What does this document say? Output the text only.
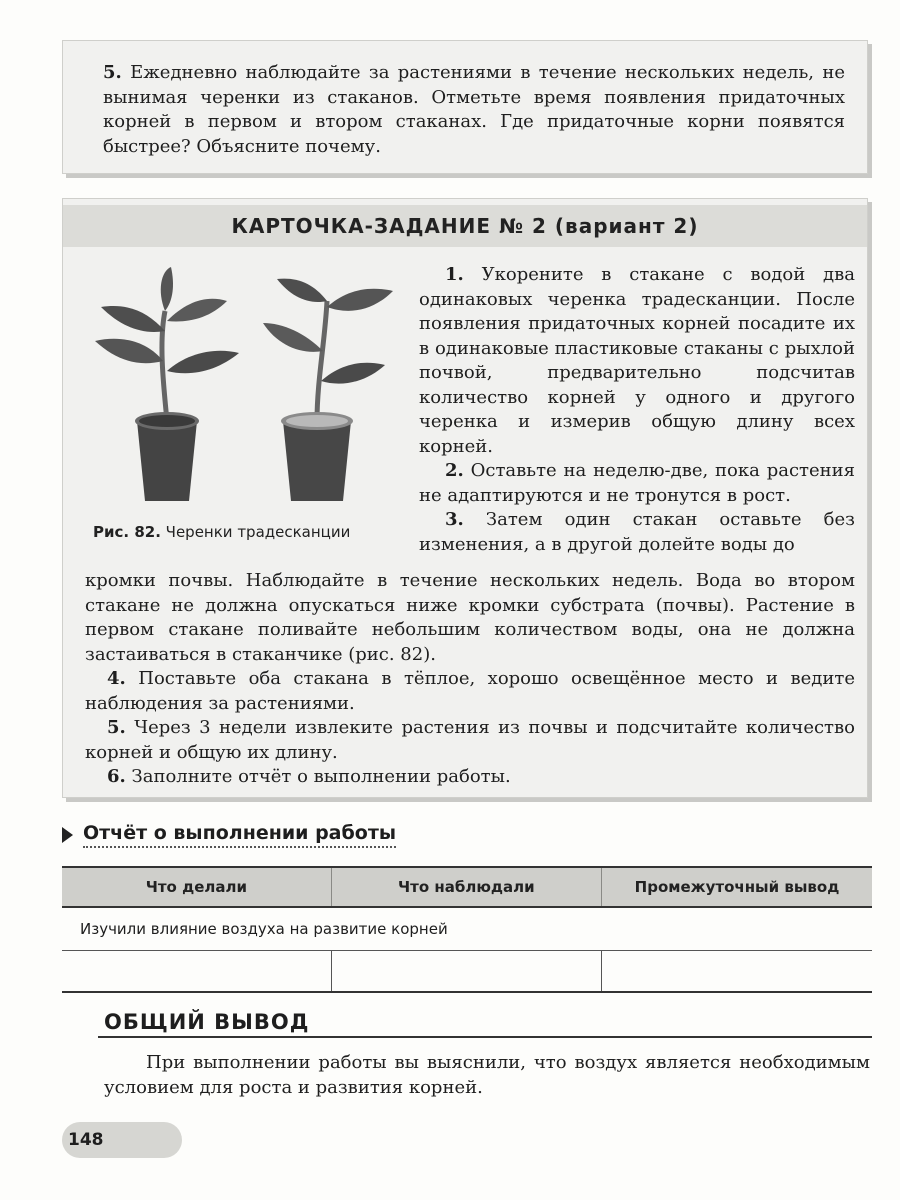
5. Ежедневно наблюдайте за растениями в течение нескольких недель, не вынимая черенки из стаканов. Отметьте время появления придаточных корней в первом и втором стаканах. Где придаточные корни появятся быстрее? Объясните почему.

КАРТОЧКА-ЗАДАНИЕ № 2 (вариант 2)
Рис. 82. Черенки традесканции

1. Укорените в стакане с водой два одинаковых черенка традесканции. После появления придаточных корней посадите их в одинаковые пластиковые стаканы с рыхлой почвой, предварительно подсчитав количество корней у одного и другого черенка и измерив общую длину всех корней.

2. Оставьте на неделю-две, пока растения не адаптируются и не тронутся в рост.

3. Затем один стакан оставьте без изменения, а в другой долейте воды до

кромки почвы. Наблюдайте в течение нескольких недель. Вода во втором стакане не должна опускаться ниже кромки субстрата (почвы). Растение в первом стакане поливайте небольшим количеством воды, она не должна застаиваться в стаканчике (рис. 82).

4. Поставьте оба стакана в тёплое, хорошо освещённое место и ведите наблюдения за растениями.

5. Через 3 недели извлеките растения из почвы и подсчитайте количество корней и общую их длину.

6. Заполните отчёт о выполнении работы.

Отчёт о выполнении работы
Что делали	Что наблюдали	Промежуточный вывод
Изучили влияние воздуха на развитие корней		

ОБЩИЙ ВЫВОД

При выполнении работы вы выяснили, что воздух является необходимым условием для роста и развития корней.

148
